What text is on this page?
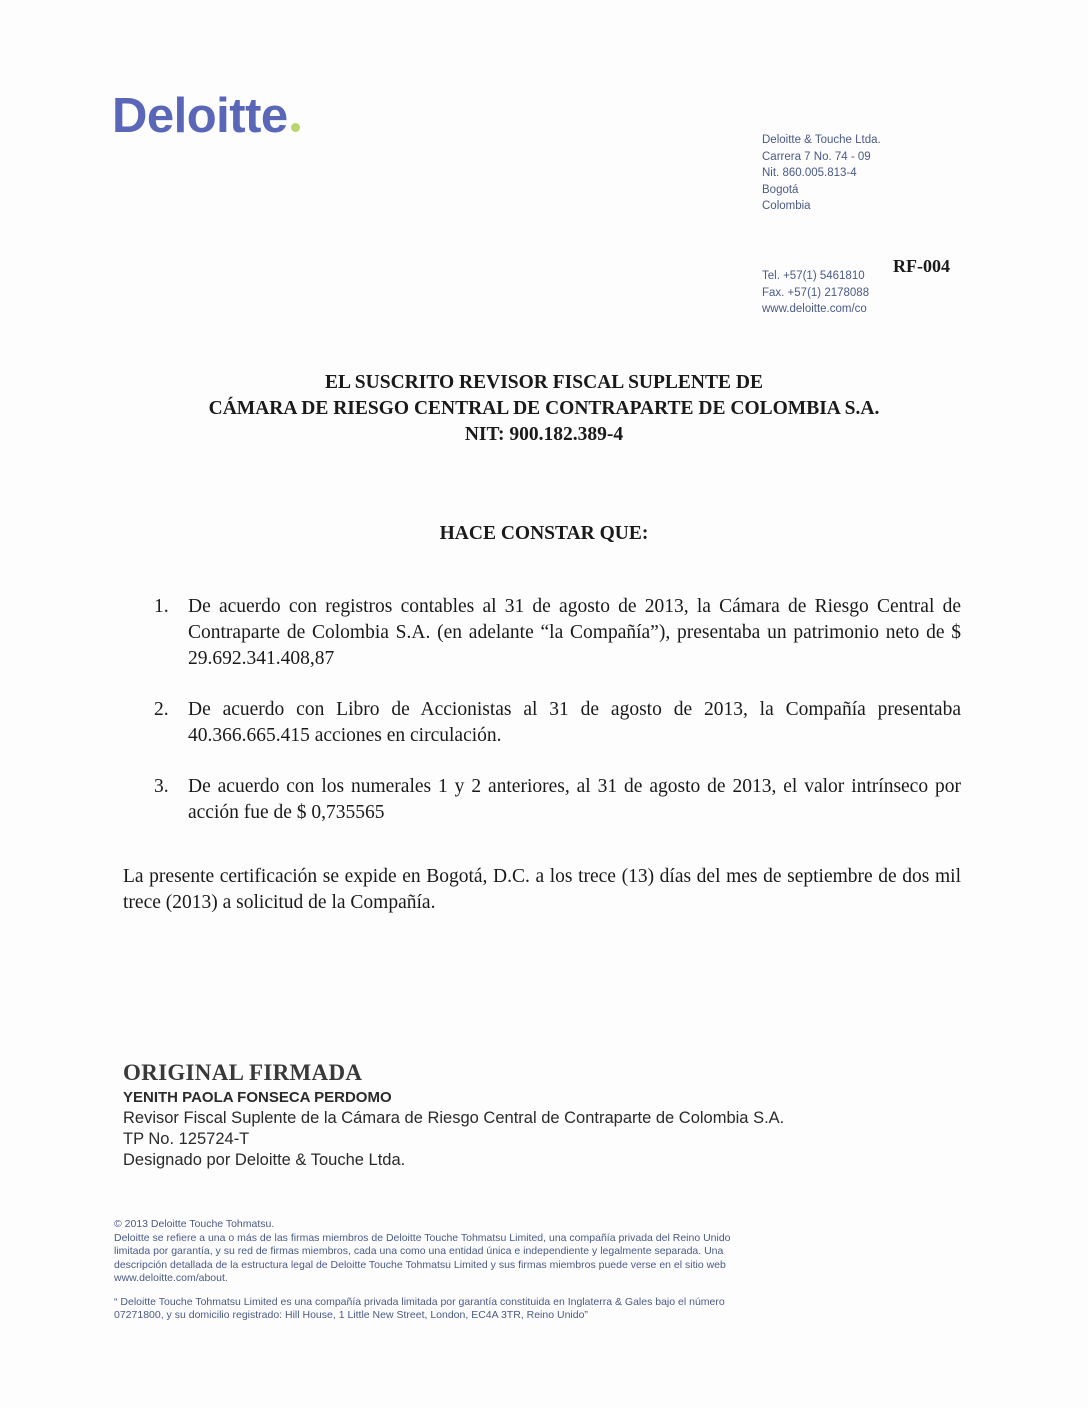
Deloitte	Deloitte & Touche Ltda.
Carrera 7 No. 74 - 09
Nit. 860.005.813-4
Bogotá
Colombia
RF-004
Tel. +57(1) 5461810
Fax. +57(1) 2178088
www.deloitte.com/co
EL SUSCRITO REVISOR FISCAL SUPLENTE DE
CÁMARA DE RIESGO CENTRAL DE CONTRAPARTE DE COLOMBIA S.A.
NIT: 900.182.389-4
HACE CONSTAR QUE:
1. De acuerdo con registros contables al 31 de agosto de 2013, la Cámara de Riesgo Central de Contraparte de Colombia S.A. (en adelante “la Compañía”), presentaba un patrimonio neto de $ 29.692.341.408,87
2. De acuerdo con Libro de Accionistas al 31 de agosto de 2013, la Compañía presentaba 40.366.665.415 acciones en circulación.
3. De acuerdo con los numerales 1 y 2 anteriores, al 31 de agosto de 2013, el valor intrínseco por acción fue de $ 0,735565
La presente certificación se expide en Bogotá, D.C. a los trece (13) días del mes de septiembre de dos mil trece (2013) a solicitud de la Compañía.
ORIGINAL FIRMADA
YENITH PAOLA FONSECA PERDOMO
Revisor Fiscal Suplente de la Cámara de Riesgo Central de Contraparte de Colombia S.A.
TP No. 125724-T
Designado por Deloitte & Touche Ltda.

© 2013 Deloitte Touche Tohmatsu.

Deloitte se refiere a una o más de las firmas miembros de Deloitte Touche Tohmatsu Limited, una compañía privada del Reino Unido limitada por garantía, y su red de firmas miembros, cada una como una entidad única e independiente y legalmente separada. Una descripción detallada de la estructura legal de Deloitte Touche Tohmatsu Limited y sus firmas miembros puede verse en el sitio web www.deloitte.com/about.

“ Deloitte Touche Tohmatsu Limited es una compañía privada limitada por garantía constituida en Inglaterra & Gales bajo el número 07271800, y su domicilio registrado: Hill House, 1 Little New Street, London, EC4A 3TR, Reino Unido”
